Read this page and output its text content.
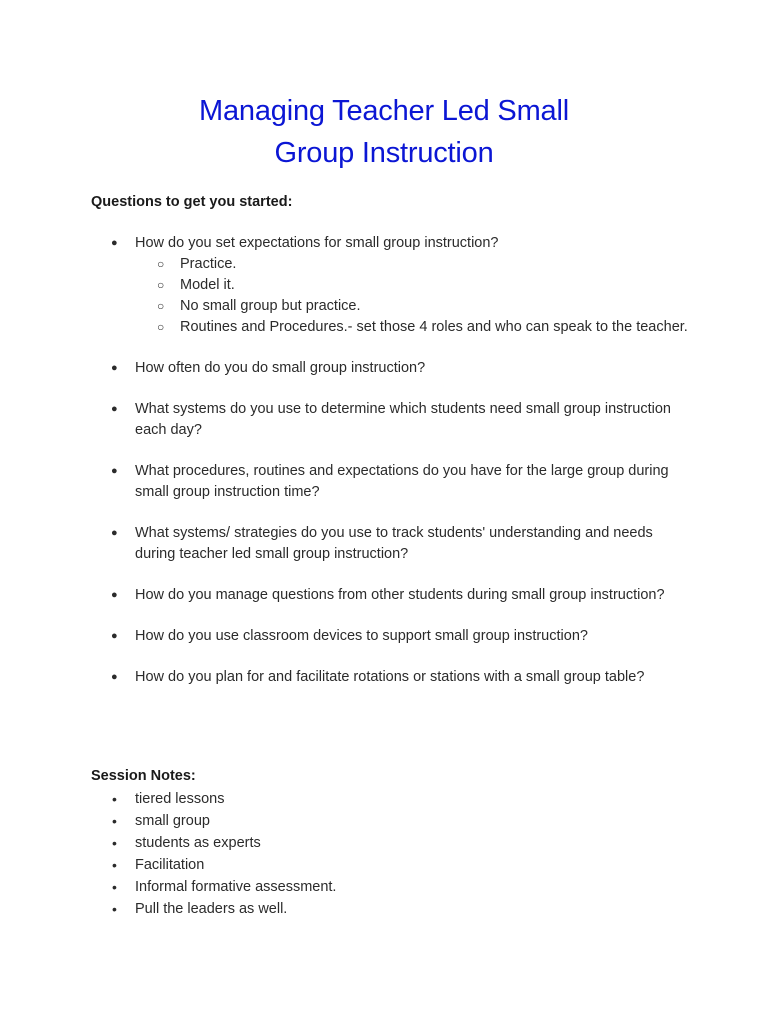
Managing Teacher Led Small
Group Instruction

Questions to get you started:

● How do you set expectations for small group instruction?
○ Practice.
○ Model it.
○ No small group but practice.
○ Routines and Procedures.- set those 4 roles and who can speak to the teacher.
● How often do you do small group instruction?
● What systems do you use to determine which students need small group instruction each day?
● What procedures, routines and expectations do you have for the large group during small group instruction time?
● What systems/ strategies do you use to track students' understanding and needs during teacher led small group instruction?
● How do you manage questions from other students during small group instruction?
● How do you use classroom devices to support small group instruction?
● How do you plan for and facilitate rotations or stations with a small group table?

Session Notes:

• tiered lessons
• small group
• students as experts
• Facilitation
• Informal formative assessment.
• Pull the leaders as well.
